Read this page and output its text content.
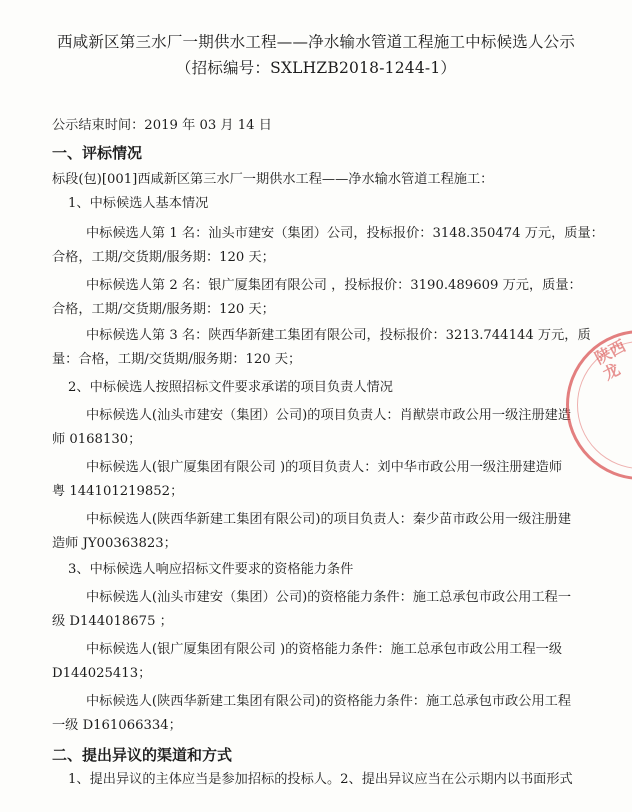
西咸新区第三水厂一期供水工程——净水输水管道工程施工中标候选人公示
（招标编号：SXLHZB2018-1244-1）
公示结束时间：2019 年 03 月 14 日
一、评标情况
标段(包)[001]西咸新区第三水厂一期供水工程——净水输水管道工程施工：
1、中标候选人基本情况
中标候选人第 1 名：汕头市建安（集团）公司，投标报价：3148.350474 万元，质量：
合格，工期/交货期/服务期：120 天；
中标候选人第 2 名：银广厦集团有限公司 ，投标报价：3190.489609 万元，质量：
合格，工期/交货期/服务期：120 天；
中标候选人第 3 名：陕西华新建工集团有限公司，投标报价：3213.744144 万元，质
量：合格，工期/交货期/服务期：120 天；
2、中标候选人按照招标文件要求承诺的项目负责人情况
中标候选人(汕头市建安（集团）公司)的项目负责人：肖猷崇市政公用一级注册建造
师 0168130；
中标候选人(银广厦集团有限公司 )的项目负责人：刘中华市政公用一级注册建造师
粤 144101219852；
中标候选人(陕西华新建工集团有限公司)的项目负责人：秦少苗市政公用一级注册建
造师 JY00363823；
3、中标候选人响应招标文件要求的资格能力条件
中标候选人(汕头市建安（集团）公司)的资格能力条件：施工总承包市政公用工程一
级 D144018675 ；
中标候选人(银广厦集团有限公司 )的资格能力条件：施工总承包市政公用工程一级
D144025413；
中标候选人(陕西华新建工集团有限公司)的资格能力条件：施工总承包市政公用工程
一级 D161066334；
二、提出异议的渠道和方式
1、提出异议的主体应当是参加招标的投标人。2、提出异议应当在公示期内以书面形式
陕西龙
